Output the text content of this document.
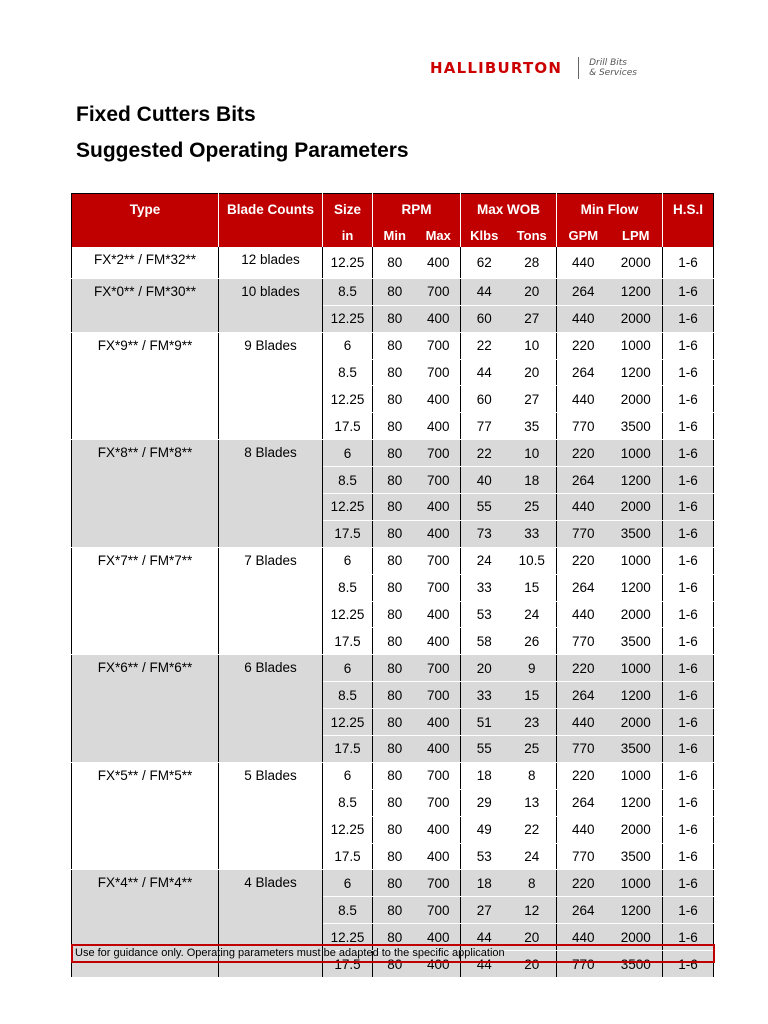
HALLIBURTON	Drill Bits
& Services
Fixed Cutters Bits
Suggested Operating Parameters
Type	Blade Counts	Size	RPM		Max WOB		Min Flow		H.S.I
		in	Min	Max	Klbs	Tons	GPM	LPM	
FX*2** / FM*32**	12 blades	12.25	80	400	62	28	440	2000	1-6
FX*0** / FM*30**	10 blades	8.5	80	700	44	20	264	1200	1-6
		12.25	80	400	60	27	440	2000	1-6
FX*9** / FM*9**	9 Blades	6	80	700	22	10	220	1000	1-6
		8.5	80	700	44	20	264	1200	1-6
		12.25	80	400	60	27	440	2000	1-6
		17.5	80	400	77	35	770	3500	1-6
FX*8** / FM*8**	8 Blades	6	80	700	22	10	220	1000	1-6
		8.5	80	700	40	18	264	1200	1-6
		12.25	80	400	55	25	440	2000	1-6
		17.5	80	400	73	33	770	3500	1-6
FX*7** / FM*7**	7 Blades	6	80	700	24	10.5	220	1000	1-6
		8.5	80	700	33	15	264	1200	1-6
		12.25	80	400	53	24	440	2000	1-6
		17.5	80	400	58	26	770	3500	1-6
FX*6** / FM*6**	6 Blades	6	80	700	20	9	220	1000	1-6
		8.5	80	700	33	15	264	1200	1-6
		12.25	80	400	51	23	440	2000	1-6
		17.5	80	400	55	25	770	3500	1-6
FX*5** / FM*5**	5 Blades	6	80	700	18	8	220	1000	1-6
		8.5	80	700	29	13	264	1200	1-6
		12.25	80	400	49	22	440	2000	1-6
		17.5	80	400	53	24	770	3500	1-6
FX*4** / FM*4**	4 Blades	6	80	700	18	8	220	1000	1-6
		8.5	80	700	27	12	264	1200	1-6
		12.25	80	400	44	20	440	2000	1-6
		17.5	80	400	44	20	770	3500	1-6
Use for guidance only. Operating parameters must be adapted to the specific application
